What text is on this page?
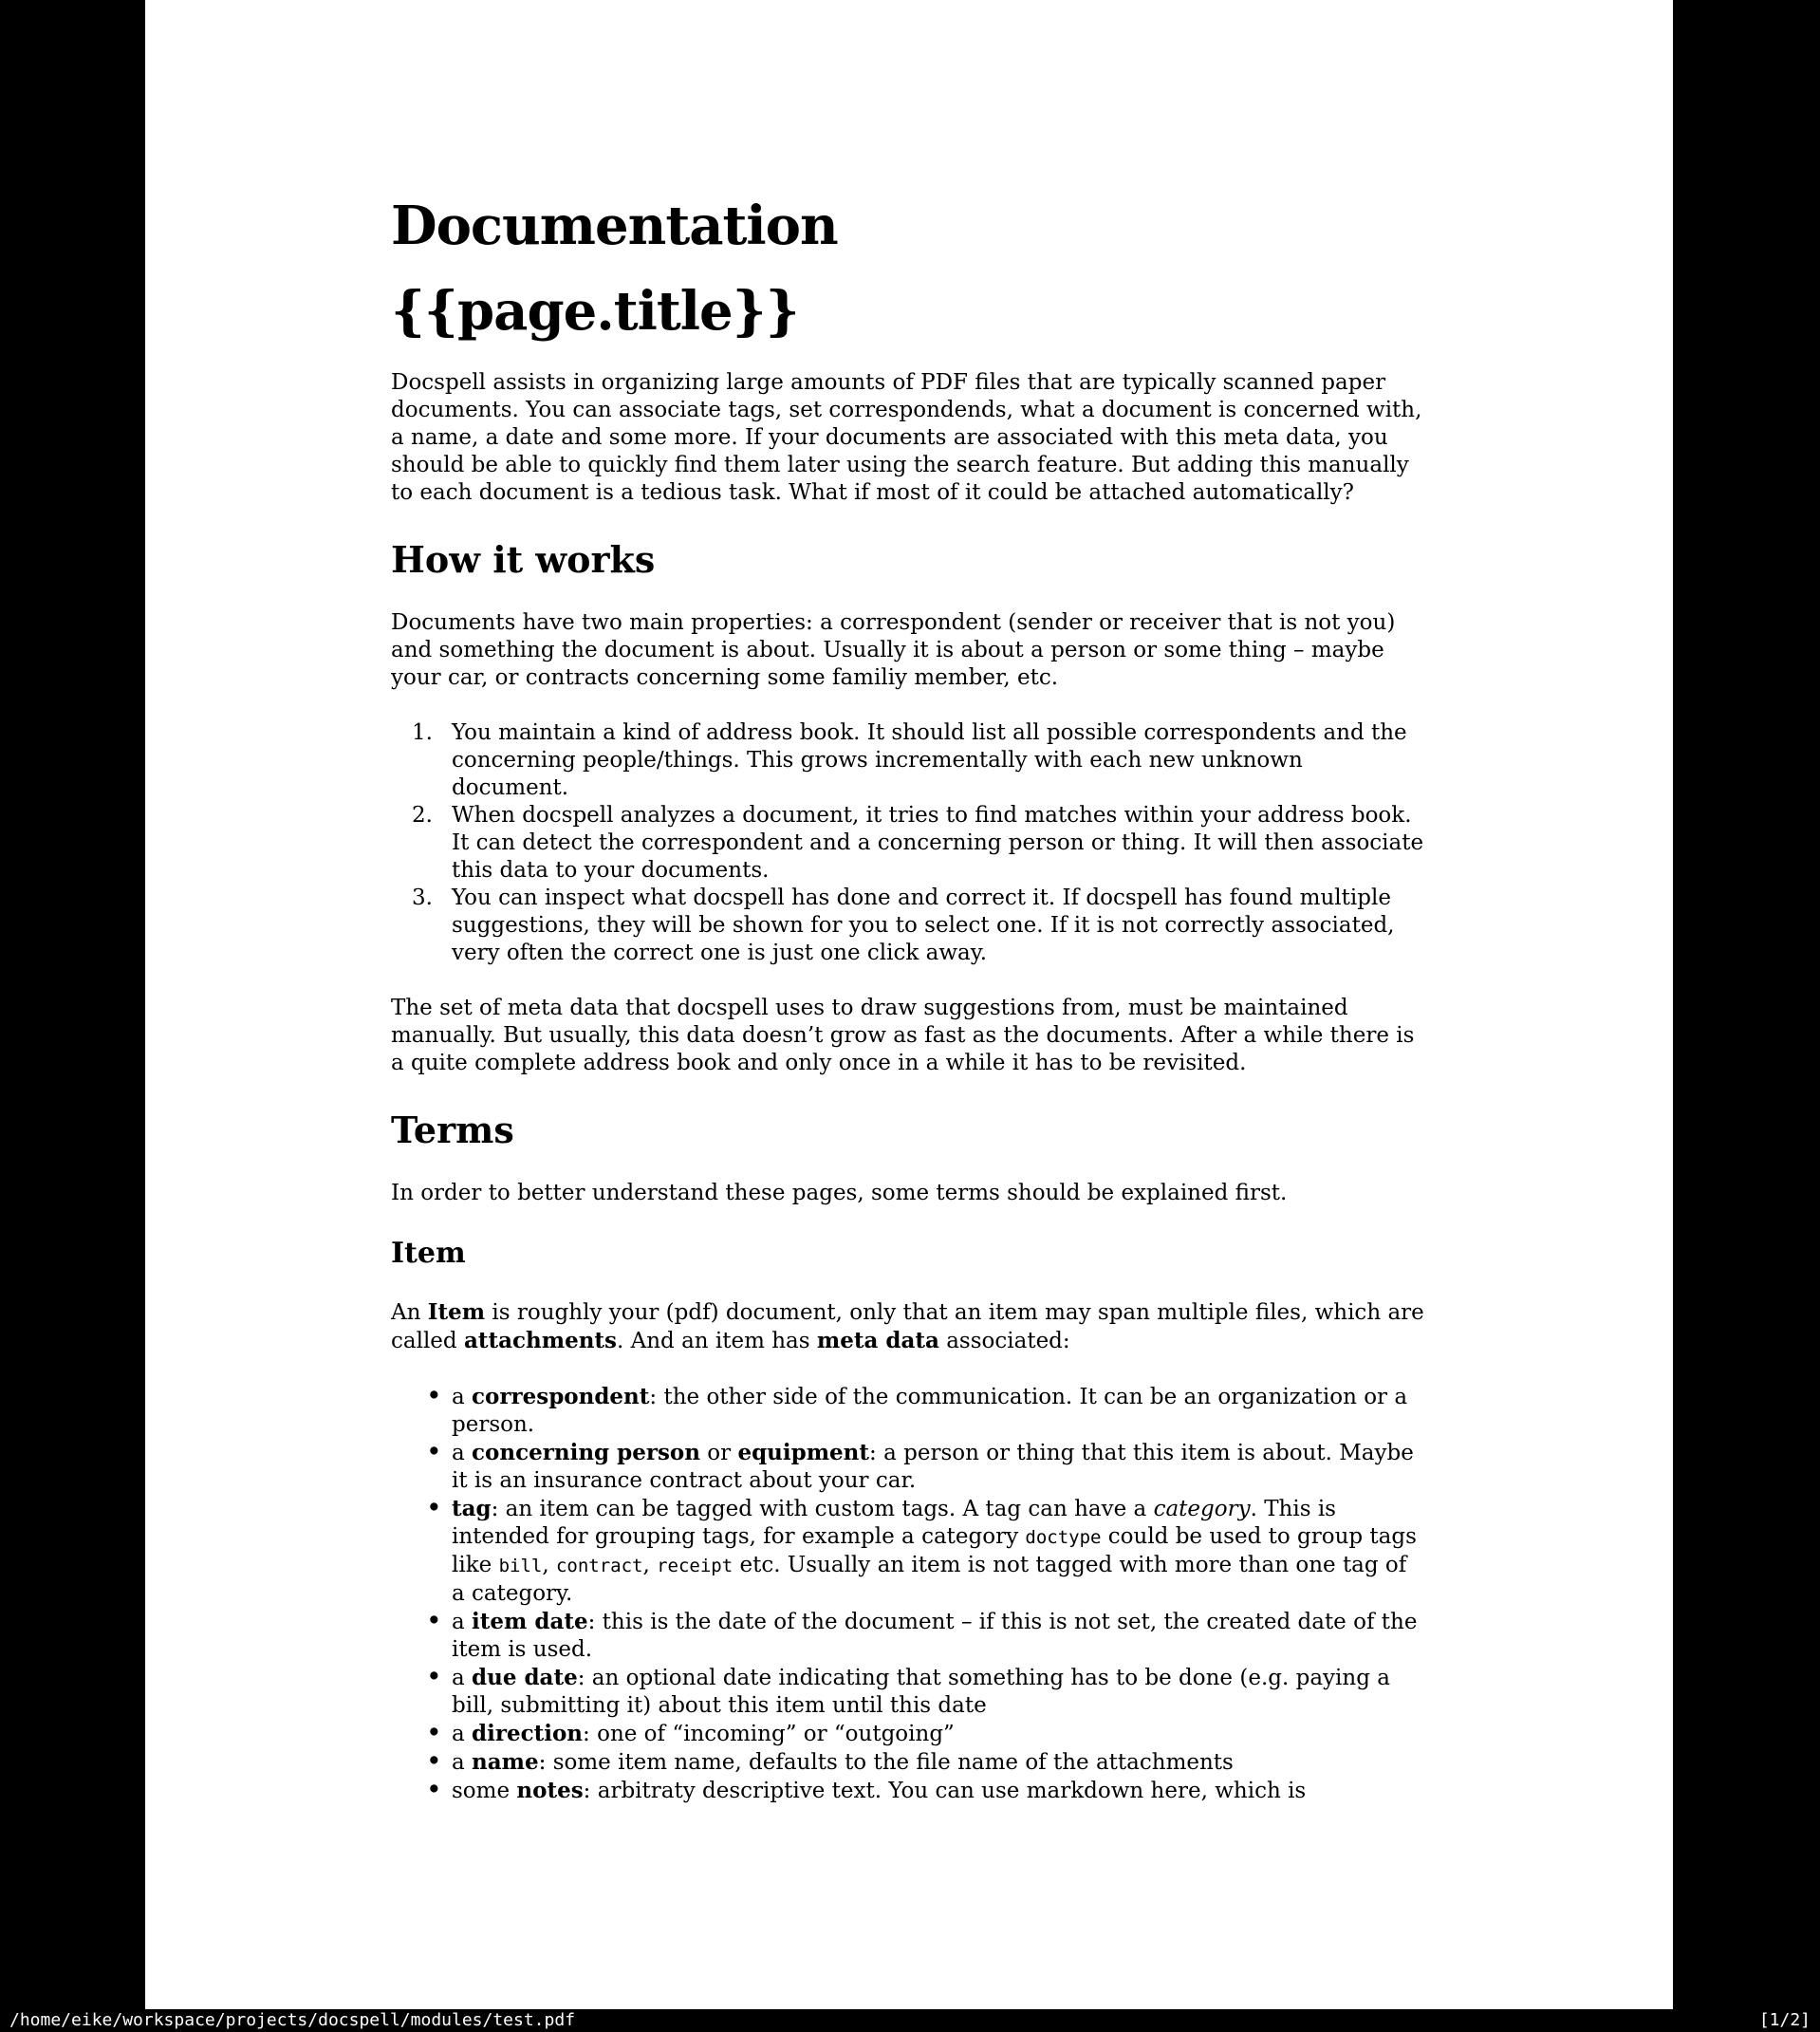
Documentation
{{page.title}}

Docspell assists in organizing large amounts of PDF files that are typically scanned paper documents. You can associate tags, set correspondends, what a document is concerned with, a name, a date and some more. If your documents are associated with this meta data, you should be able to quickly find them later using the search feature. But adding this manually to each document is a tedious task. What if most of it could be attached automatically?

How it works

Documents have two main properties: a correspondent (sender or receiver that is not you) and something the document is about. Usually it is about a person or some thing – maybe your car, or contracts concerning some familiy member, etc.

You maintain a kind of address book. It should list all possible correspondents and the concerning people/things. This grows incrementally with each new unknown document.
When docspell analyzes a document, it tries to find matches within your address book. It can detect the correspondent and a concerning person or thing. It will then associate this data to your documents.
You can inspect what docspell has done and correct it. If docspell has found multiple suggestions, they will be shown for you to select one. If it is not correctly associated, very often the correct one is just one click away.

The set of meta data that docspell uses to draw suggestions from, must be maintained manually. But usually, this data doesn’t grow as fast as the documents. After a while there is a quite complete address book and only once in a while it has to be revisited.

Terms

In order to better understand these pages, some terms should be explained first.

Item

An Item is roughly your (pdf) document, only that an item may span multiple files, which are called attachments. And an item has meta data associated:

• a correspondent: the other side of the communication. It can be an organization or a person.
• a concerning person or equipment: a person or thing that this item is about. Maybe it is an insurance contract about your car.
• tag: an item can be tagged with custom tags. A tag can have a category. This is intended for grouping tags, for example a category doctype could be used to group tags like bill, contract, receipt etc. Usually an item is not tagged with more than one tag of a category.
• a item date: this is the date of the document – if this is not set, the created date of the item is used.
• a due date: an optional date indicating that something has to be done (e.g. paying a bill, submitting it) about this item until this date
• a direction: one of “incoming” or “outgoing”
• a name: some item name, defaults to the file name of the attachments
• some notes: arbitraty descriptive text. You can use markdown here, which is
/home/eike/workspace/projects/docspell/modules/test.pdf	[1/2]
